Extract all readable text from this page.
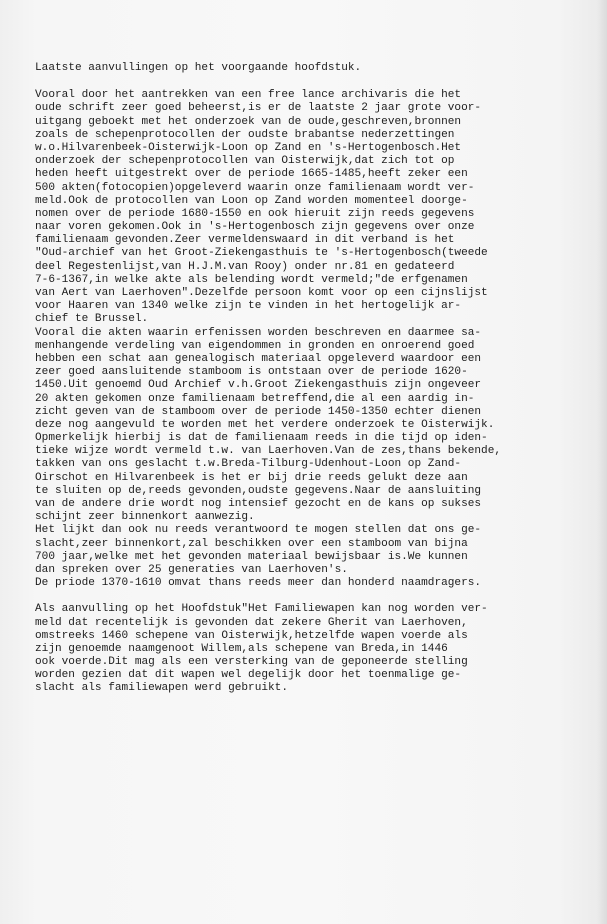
Laatste aanvullingen op het voorgaande hoofdstuk.
Vooral door het aantrekken van een free lance archivaris die het
oude schrift zeer goed beheerst,is er de laatste 2 jaar grote voor-
uitgang geboekt met het onderzoek van de oude,geschreven,bronnen
zoals de schepenprotocollen der oudste brabantse nederzettingen
w.o.Hilvarenbeek-Oisterwijk-Loon op Zand en 's-Hertogenbosch.Het
onderzoek der schepenprotocollen van Oisterwijk,dat zich tot op
heden heeft uitgestrekt over de periode 1665-1485,heeft zeker een
500 akten(fotocopien)opgeleverd waarin onze familienaam wordt ver-
meld.Ook de protocollen van Loon op Zand worden momenteel doorge-
nomen over de periode 1680-1550 en ook hieruit zijn reeds gegevens
naar voren gekomen.Ook in 's-Hertogenbosch zijn gegevens over onze
familienaam gevonden.Zeer vermeldenswaard in dit verband is het
"Oud-archief van het Groot-Ziekengasthuis te 's-Hertogenbosch(tweede
deel Regestenlijst,van H.J.M.van Rooy) onder nr.81 en gedateerd
7-6-1367,in welke akte als belending wordt vermeld;"de erfgenamen
van Aert van Laerhoven".Dezelfde persoon komt voor op een cijnslijst
voor Haaren van 1340 welke zijn te vinden in het hertogelijk ar-
chief te Brussel.
Vooral die akten waarin erfenissen worden beschreven en daarmee sa-
menhangende verdeling van eigendommen in gronden en onroerend goed
hebben een schat aan genealogisch materiaal opgeleverd waardoor een
zeer goed aansluitende stamboom is ontstaan over de periode 1620-
1450.Uit genoemd Oud Archief v.h.Groot Ziekengasthuis zijn ongeveer
20 akten gekomen onze familienaam betreffend,die al een aardig in-
zicht geven van de stamboom over de periode 1450-1350 echter dienen
deze nog aangevuld te worden met het verdere onderzoek te Oisterwijk.
Opmerkelijk hierbij is dat de familienaam reeds in die tijd op iden-
tieke wijze wordt vermeld t.w. van Laerhoven.Van de zes,thans bekende,
takken van ons geslacht t.w.Breda-Tilburg-Udenhout-Loon op Zand-
Oirschot en Hilvarenbeek is het er bij drie reeds gelukt deze aan
te sluiten op de,reeds gevonden,oudste gegevens.Naar de aansluiting
van de andere drie wordt nog intensief gezocht en de kans op sukses
schijnt zeer binnenkort aanwezig.
Het lijkt dan ook nu reeds verantwoord te mogen stellen dat ons ge-
slacht,zeer binnenkort,zal beschikken over een stamboom van bijna
700 jaar,welke met het gevonden materiaal bewijsbaar is.We kunnen
dan spreken over 25 generaties van Laerhoven's.
De priode 1370-1610 omvat thans reeds meer dan honderd naamdragers.
Als aanvulling op het Hoofdstuk"Het Familiewapen kan nog worden ver-
meld dat recentelijk is gevonden dat zekere Gherit van Laerhoven,
omstreeks 1460 schepene van Oisterwijk,hetzelfde wapen voerde als
zijn genoemde naamgenoot Willem,als schepene van Breda,in 1446
ook voerde.Dit mag als een versterking van de geponeerde stelling
worden gezien dat dit wapen wel degelijk door het toenmalige ge-
slacht als familiewapen werd gebruikt.
